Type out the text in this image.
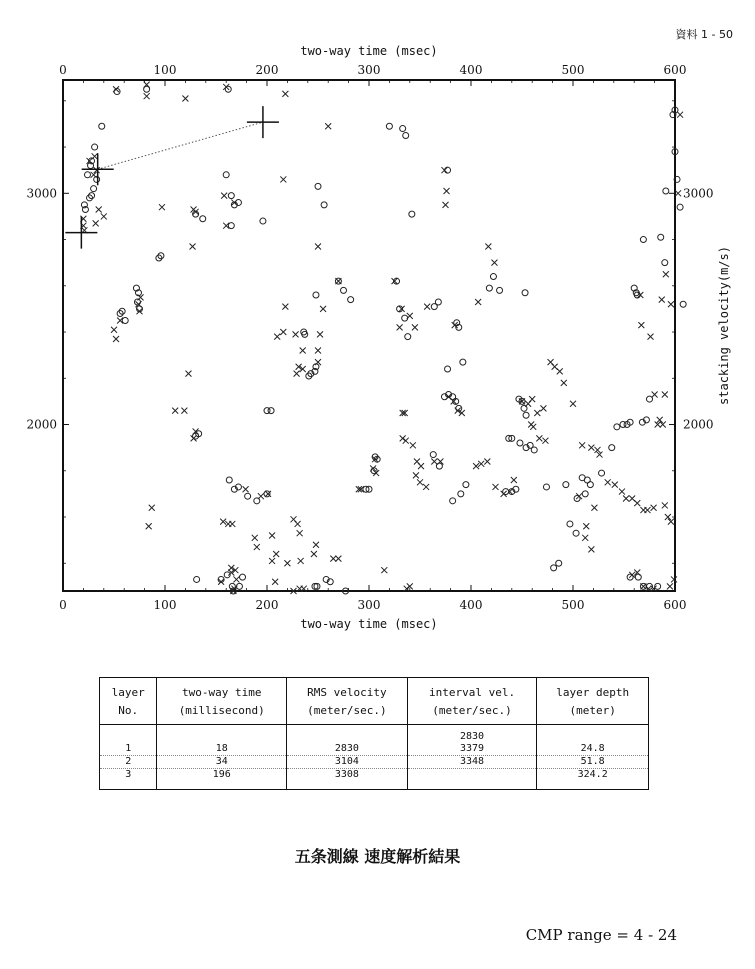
資料 1 - 50
0
0
100
100
200
200
300
300
400
400
500
500
600
600
2000	2000
3000	3000
two-way time (msec)
two-way time (msec)
stacking velocity(m/s)
layer	two-way time	RMS velocity	interval vel.	layer depth
No.	(millisecond)	(meter/sec.)	(meter/sec.)	(meter)
			2830	
1	18	2830	3379	24.8
2	34	3104	3348	51.8
3	196	3308		324.2
五条測線 速度解析結果
CMP range = 4 - 24
